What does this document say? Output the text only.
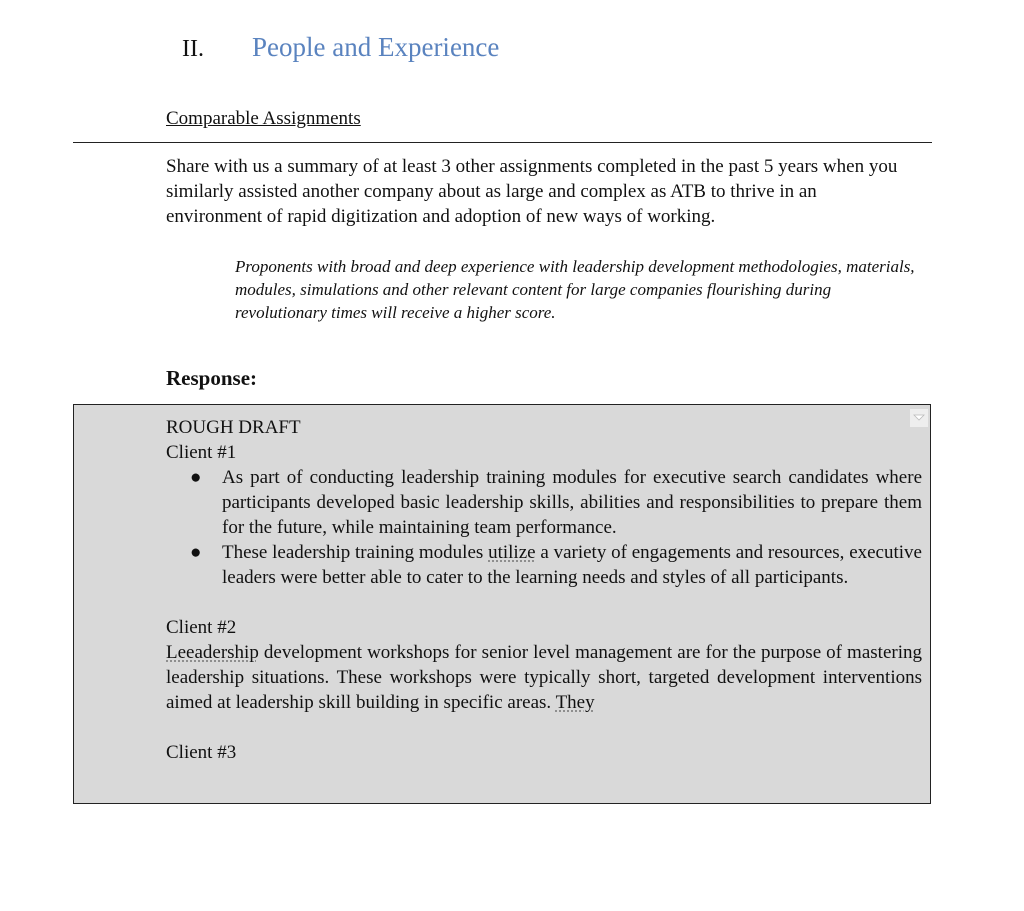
II.	People and Experience
Comparable Assignments

Share with us a summary of at least 3 other assignments completed in the past 5 years when you similarly assisted another company about as large and complex as ATB to thrive in an environment of rapid digitization and adoption of new ways of working.

Proponents with broad and deep experience with leadership development methodologies, materials, modules, simulations and other relevant content for large companies flourishing during revolutionary times will receive a higher score.

Response:

ROUGH DRAFT

Client #1

● As part of conducting leadership training modules for executive search candidates where participants developed basic leadership skills, abilities and responsibilities to prepare them for the future, while maintaining team performance.
● These leadership training modules utilize a variety of engagements and resources, executive leaders were better able to cater to the learning needs and styles of all participants.

Client #2

Leeadership development workshops for senior level management are for the purpose of mastering leadership situations. These workshops were typically short, targeted development interventions aimed at leadership skill building in specific areas. They

Client #3
